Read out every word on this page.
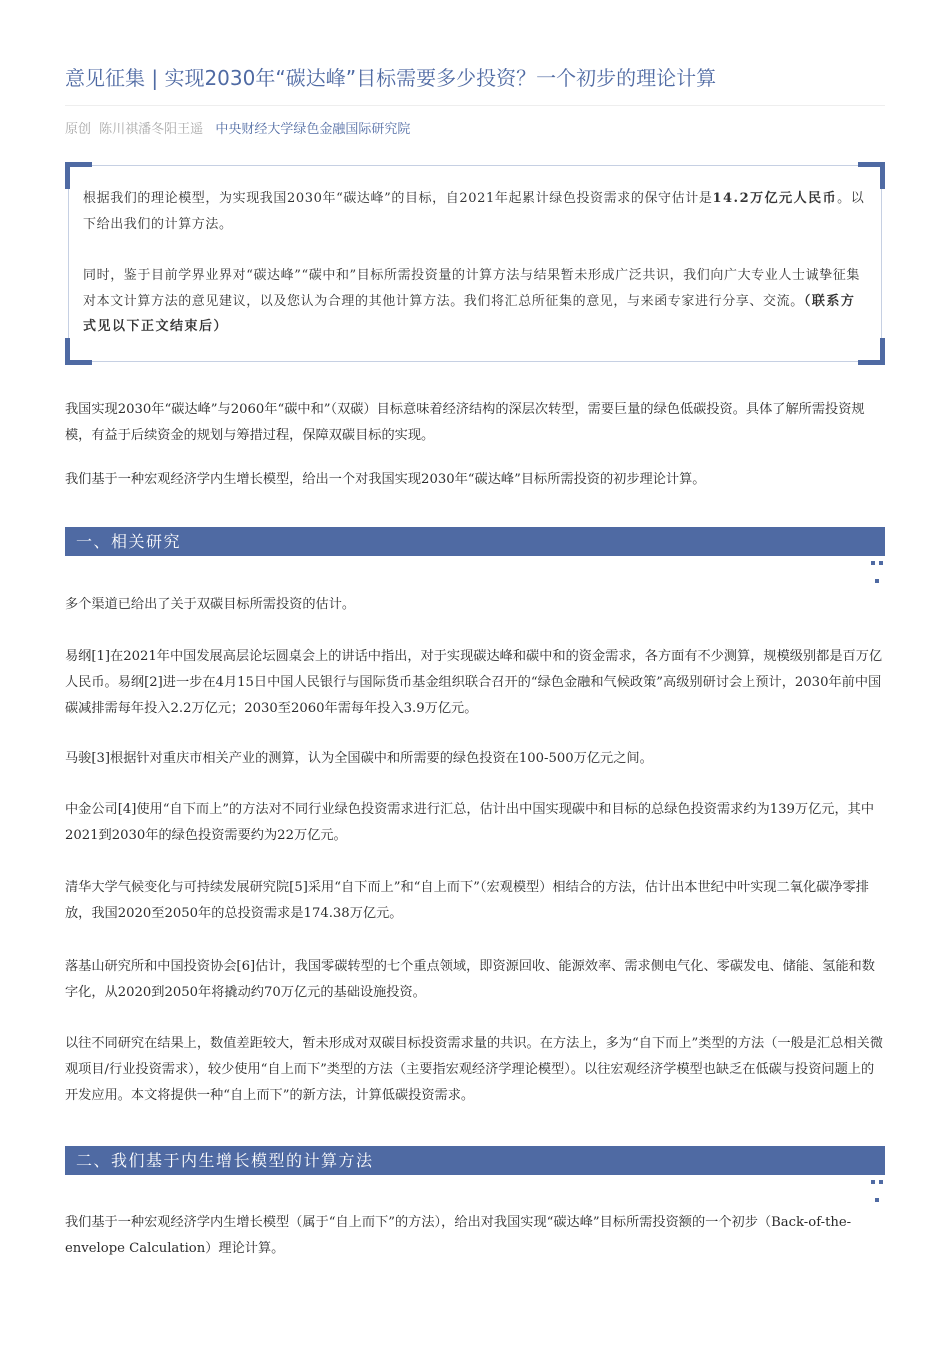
意见征集 | 实现2030年“碳达峰”目标需要多少投资？一个初步的理论计算
原创 陈川祺潘冬阳王遥 中央财经大学绿色金融国际研究院

根据我们的理论模型，为实现我国2030年“碳达峰”的目标，自2021年起累计绿色投资需求的保守估计是14.2万亿元人民币。以下给出我们的计算方法。

同时，鉴于目前学界业界对“碳达峰”“碳中和”目标所需投资量的计算方法与结果暂未形成广泛共识，我们向广大专业人士诚挚征集对本文计算方法的意见建议，以及您认为合理的其他计算方法。我们将汇总所征集的意见，与来函专家进行分享、交流。（联系方式见以下正文结束后）

我国实现2030年“碳达峰”与2060年“碳中和”（双碳）目标意味着经济结构的深层次转型，需要巨量的绿色低碳投资。具体了解所需投资规模，有益于后续资金的规划与筹措过程，保障双碳目标的实现。

我们基于一种宏观经济学内生增长模型，给出一个对我国实现2030年“碳达峰”目标所需投资的初步理论计算。

一、相关研究

多个渠道已给出了关于双碳目标所需投资的估计。

易纲[1]在2021年中国发展高层论坛圆桌会上的讲话中指出，对于实现碳达峰和碳中和的资金需求，各方面有不少测算，规模级别都是百万亿人民币。易纲[2]进一步在4月15日中国人民银行与国际货币基金组织联合召开的“绿色金融和气候政策”高级别研讨会上预计，2030年前中国碳减排需每年投入2.2万亿元；2030至2060年需每年投入3.9万亿元。

马骏[3]根据针对重庆市相关产业的测算，认为全国碳中和所需要的绿色投资在100-500万亿元之间。

中金公司[4]使用“自下而上”的方法对不同行业绿色投资需求进行汇总，估计出中国实现碳中和目标的总绿色投资需求约为139万亿元，其中2021到2030年的绿色投资需要约为22万亿元。

清华大学气候变化与可持续发展研究院[5]采用“自下而上”和“自上而下”（宏观模型）相结合的方法，估计出本世纪中叶实现二氧化碳净零排放，我国2020至2050年的总投资需求是174.38万亿元。

落基山研究所和中国投资协会[6]估计，我国零碳转型的七个重点领域，即资源回收、能源效率、需求侧电气化、零碳发电、储能、氢能和数字化，从2020到2050年将撬动约70万亿元的基础设施投资。

以往不同研究在结果上，数值差距较大，暂未形成对双碳目标投资需求量的共识。在方法上，多为“自下而上”类型的方法（一般是汇总相关微观项目/行业投资需求），较少使用“自上而下”类型的方法（主要指宏观经济学理论模型）。以往宏观经济学模型也缺乏在低碳与投资问题上的开发应用。本文将提供一种“自上而下”的新方法，计算低碳投资需求。

二、我们基于内生增长模型的计算方法

我们基于一种宏观经济学内生增长模型（属于“自上而下”的方法），给出对我国实现“碳达峰”目标所需投资额的一个初步（Back-of-the-envelope Calculation）理论计算。
